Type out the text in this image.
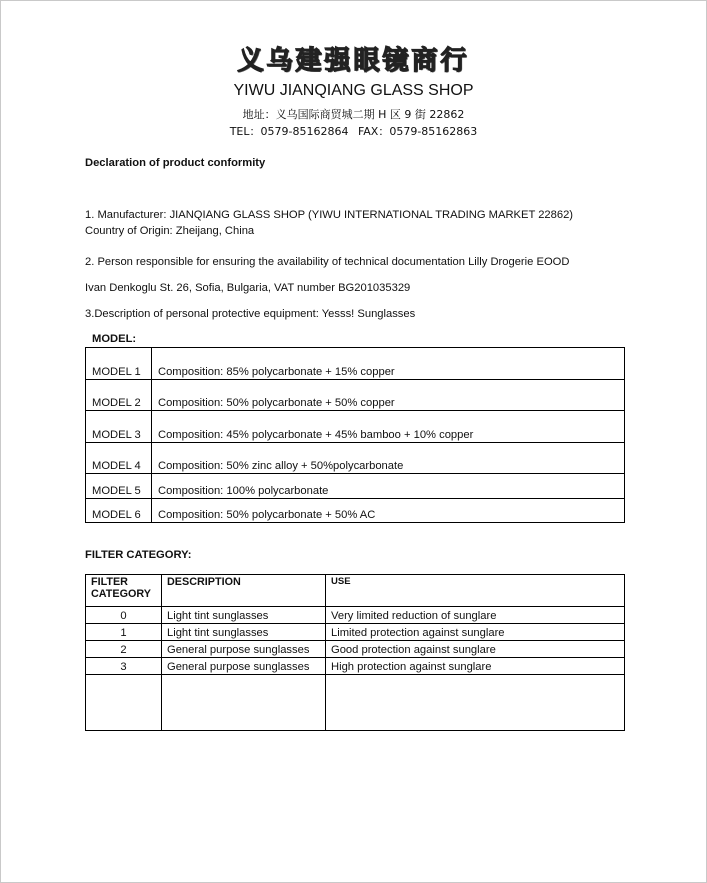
义乌建强眼镜商行
YIWU JIANQIANG GLASS SHOP
地址：义乌国际商贸城二期 H 区 9 街 22862
TEL：0579-85162864 FAX：0579-85162863
Declaration of product conformity
1. Manufacturer: JIANQIANG GLASS SHOP (YIWU INTERNATIONAL TRADING MARKET 22862)
Country of Origin: Zheijang, China
2. Person responsible for ensuring the availability of technical documentation Lilly Drogerie EOOD
Ivan Denkoglu St. 26, Sofia, Bulgaria, VAT number BG201035329
3.Description of personal protective equipment: Yesss! Sunglasses
MODEL:
MODEL 1	Composition: 85% polycarbonate + 15% copper
MODEL 2	Composition: 50% polycarbonate + 50% copper
MODEL 3	Composition: 45% polycarbonate + 45% bamboo + 10% copper
MODEL 4	Composition: 50% zinc alloy + 50%polycarbonate
MODEL 5	Composition: 100% polycarbonate
MODEL 6	Composition: 50% polycarbonate + 50% AC
FILTER CATEGORY:
FILTER
CATEGORY	DESCRIPTION	USE
0	Light tint sunglasses	Very limited reduction of sunglare
1	Light tint sunglasses	Limited protection against sunglare
2	General purpose sunglasses	Good protection against sunglare
3	General purpose sunglasses	High protection against sunglare
